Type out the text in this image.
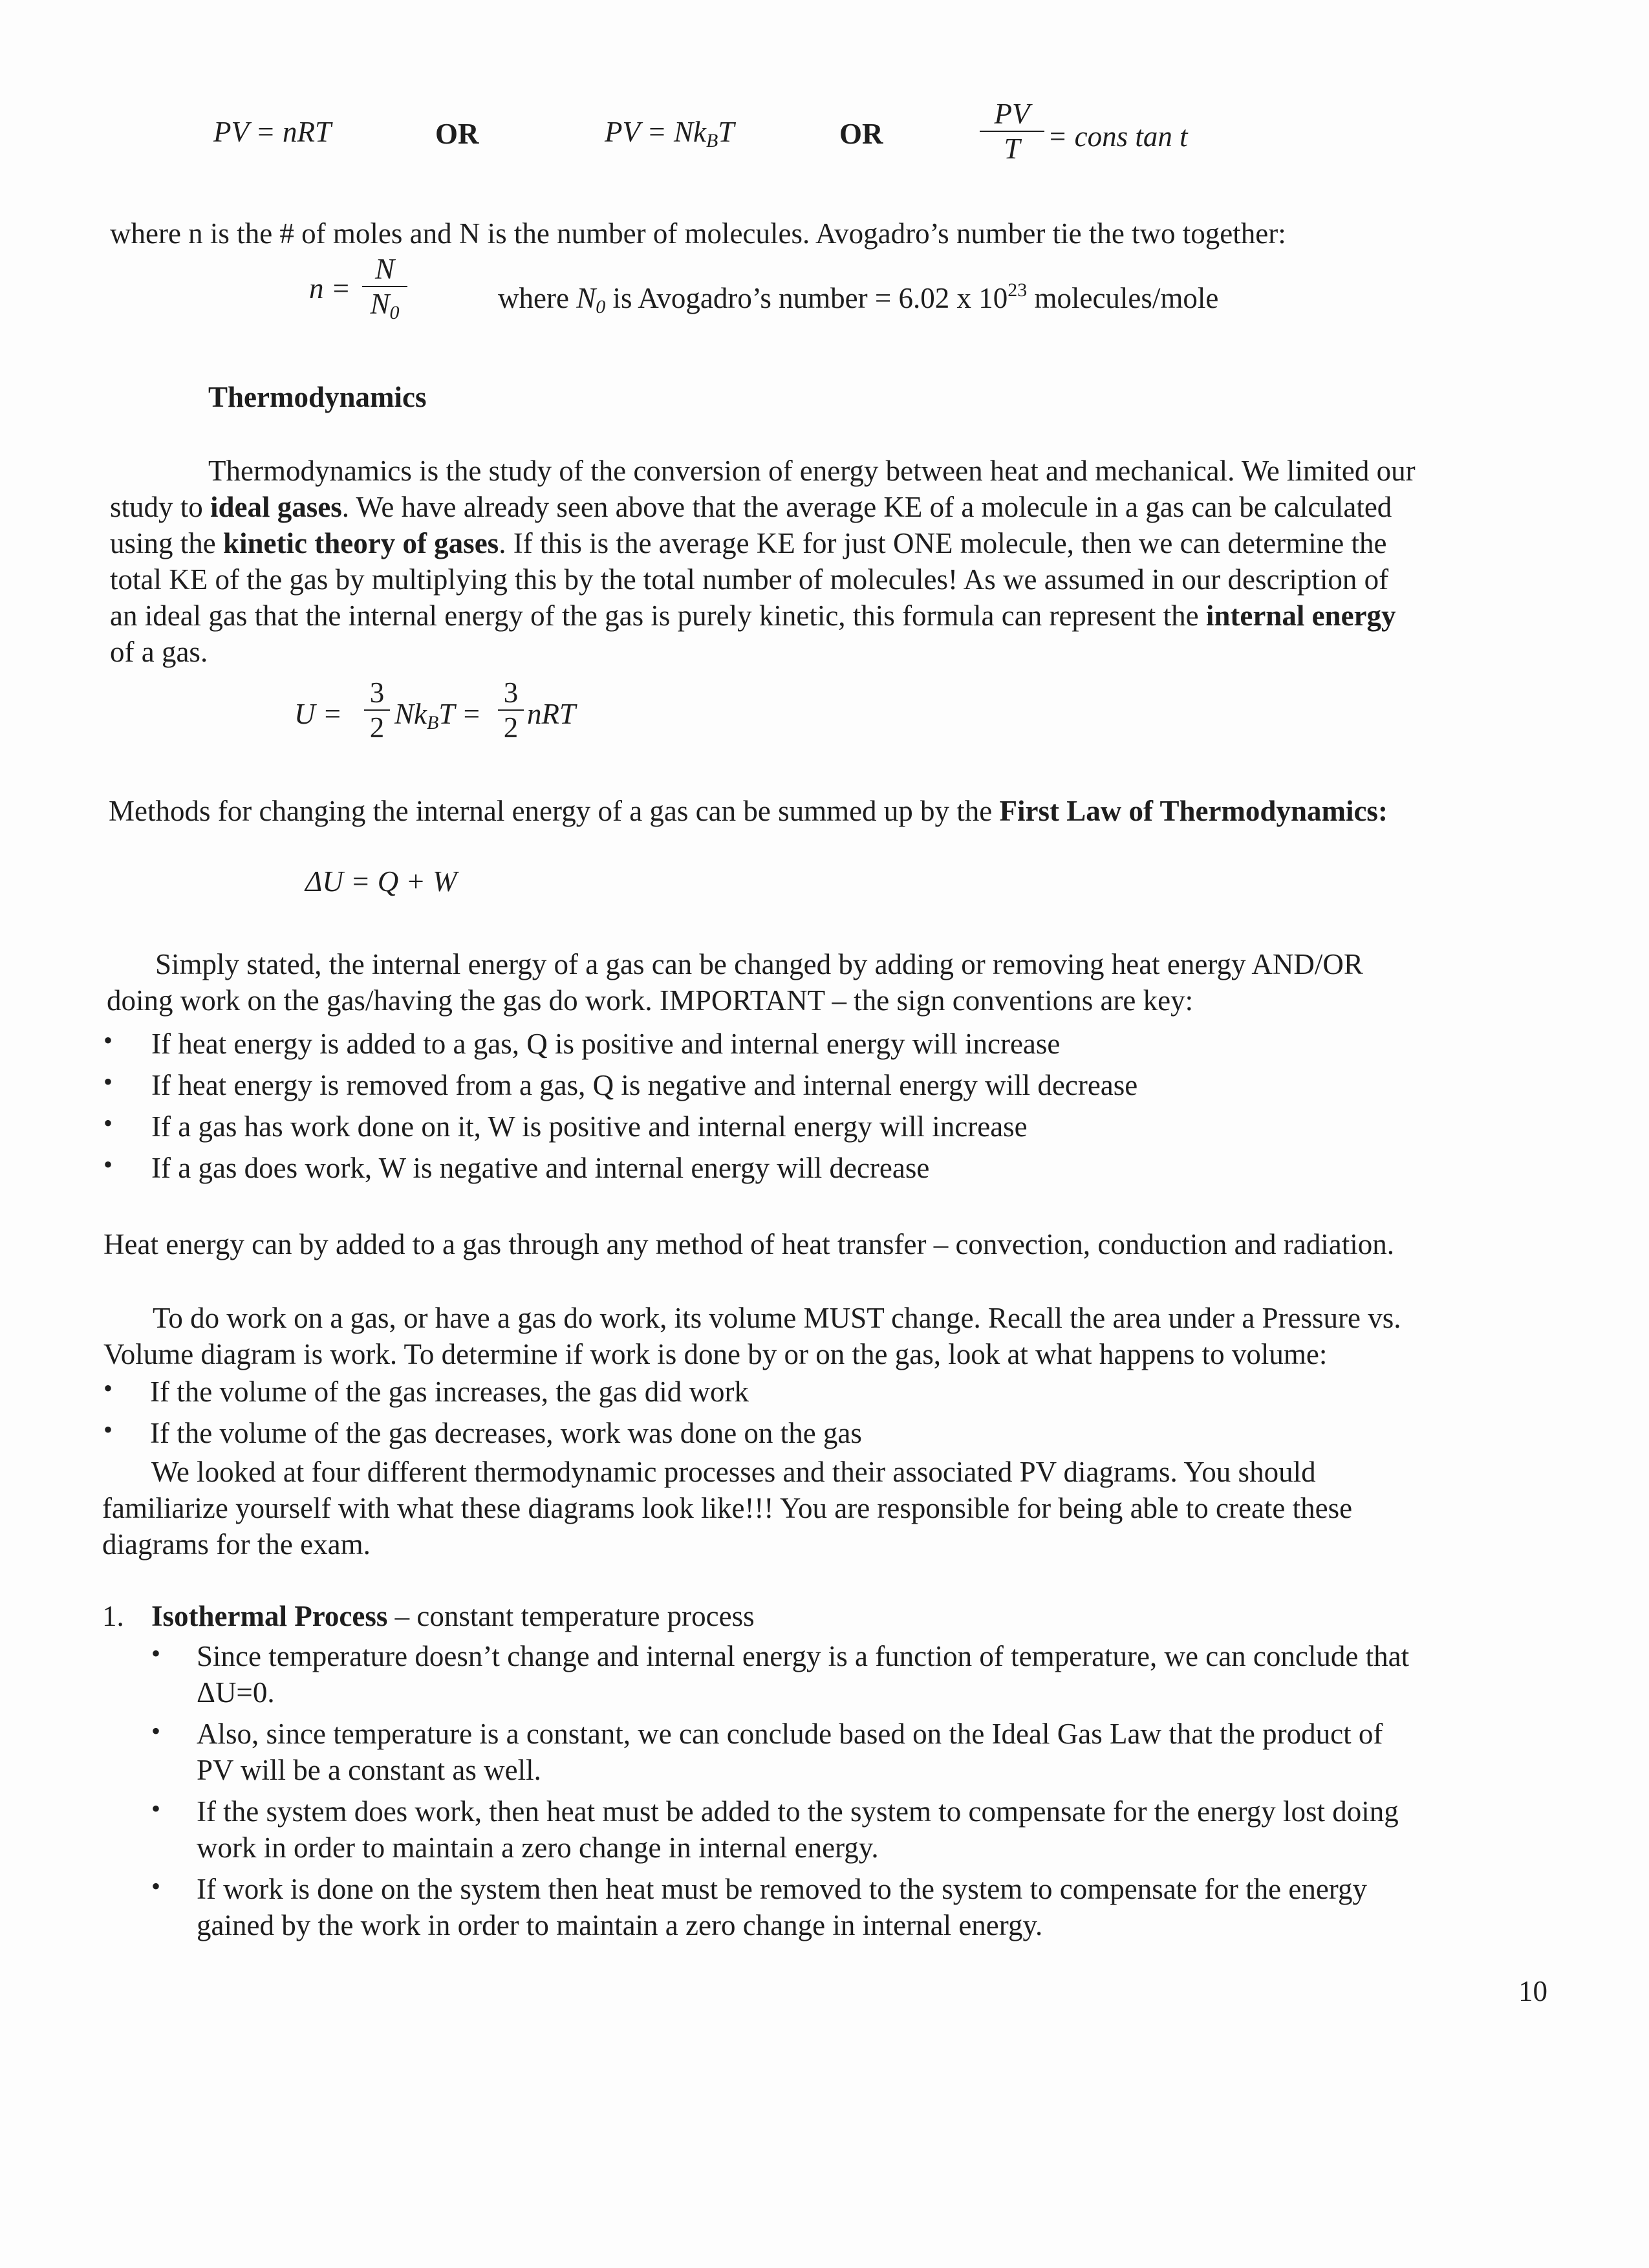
PV = nRT	OR	PV = $Nk_BT$	OR	$\frac{PV}{T}$ = cons tan t
where n is the # of moles and N is the number of molecules. Avogadro’s number tie the two together:
$n = \frac{N}{N_0}$	where $N_0$ is Avogadro’s number = 6.02 x $10^{23}$ molecules/mole
Thermodynamics

Thermodynamics is the study of the conversion of energy between heat and mechanical. We limited our

study to ideal gases. We have already seen above that the average KE of a molecule in a gas can be calculated

using the kinetic theory of gases. If this is the average KE for just ONE molecule, then we can determine the

total KE of the gas by multiplying this by the total number of molecules! As we assumed in our description of

an ideal gas that the internal energy of the gas is purely kinetic, this formula can represent the internal energy

of a gas.

$U = \frac{3}{2} Nk_BT = \frac{3}{2}$ nRT
Methods for changing the internal energy of a gas can be summed up by the First Law of Thermodynamics:
ΔU = Q + W

Simply stated, the internal energy of a gas can be changed by adding or removing heat energy AND/OR

doing work on the gas/having the gas do work. IMPORTANT – the sign conventions are key:

• If heat energy is added to a gas, Q is positive and internal energy will increase
• If heat energy is removed from a gas, Q is negative and internal energy will decrease
• If a gas has work done on it, W is positive and internal energy will increase
• If a gas does work, W is negative and internal energy will decrease
Heat energy can by added to a gas through any method of heat transfer – convection, conduction and radiation.

To do work on a gas, or have a gas do work, its volume MUST change. Recall the area under a Pressure vs.

Volume diagram is work. To determine if work is done by or on the gas, look at what happens to volume:

• If the volume of the gas increases, the gas did work
• If the volume of the gas decreases, work was done on the gas

We looked at four different thermodynamic processes and their associated PV diagrams. You should

familiarize yourself with what these diagrams look like!!! You are responsible for being able to create these

diagrams for the exam.

1. Isothermal Process – constant temperature process
• Since temperature doesn’t change and internal energy is a function of temperature, we can conclude that
ΔU=0.
• Also, since temperature is a constant, we can conclude based on the Ideal Gas Law that the product of
PV will be a constant as well.
• If the system does work, then heat must be added to the system to compensate for the energy lost doing
work in order to maintain a zero change in internal energy.
• If work is done on the system then heat must be removed to the system to compensate for the energy
gained by the work in order to maintain a zero change in internal energy.
10
